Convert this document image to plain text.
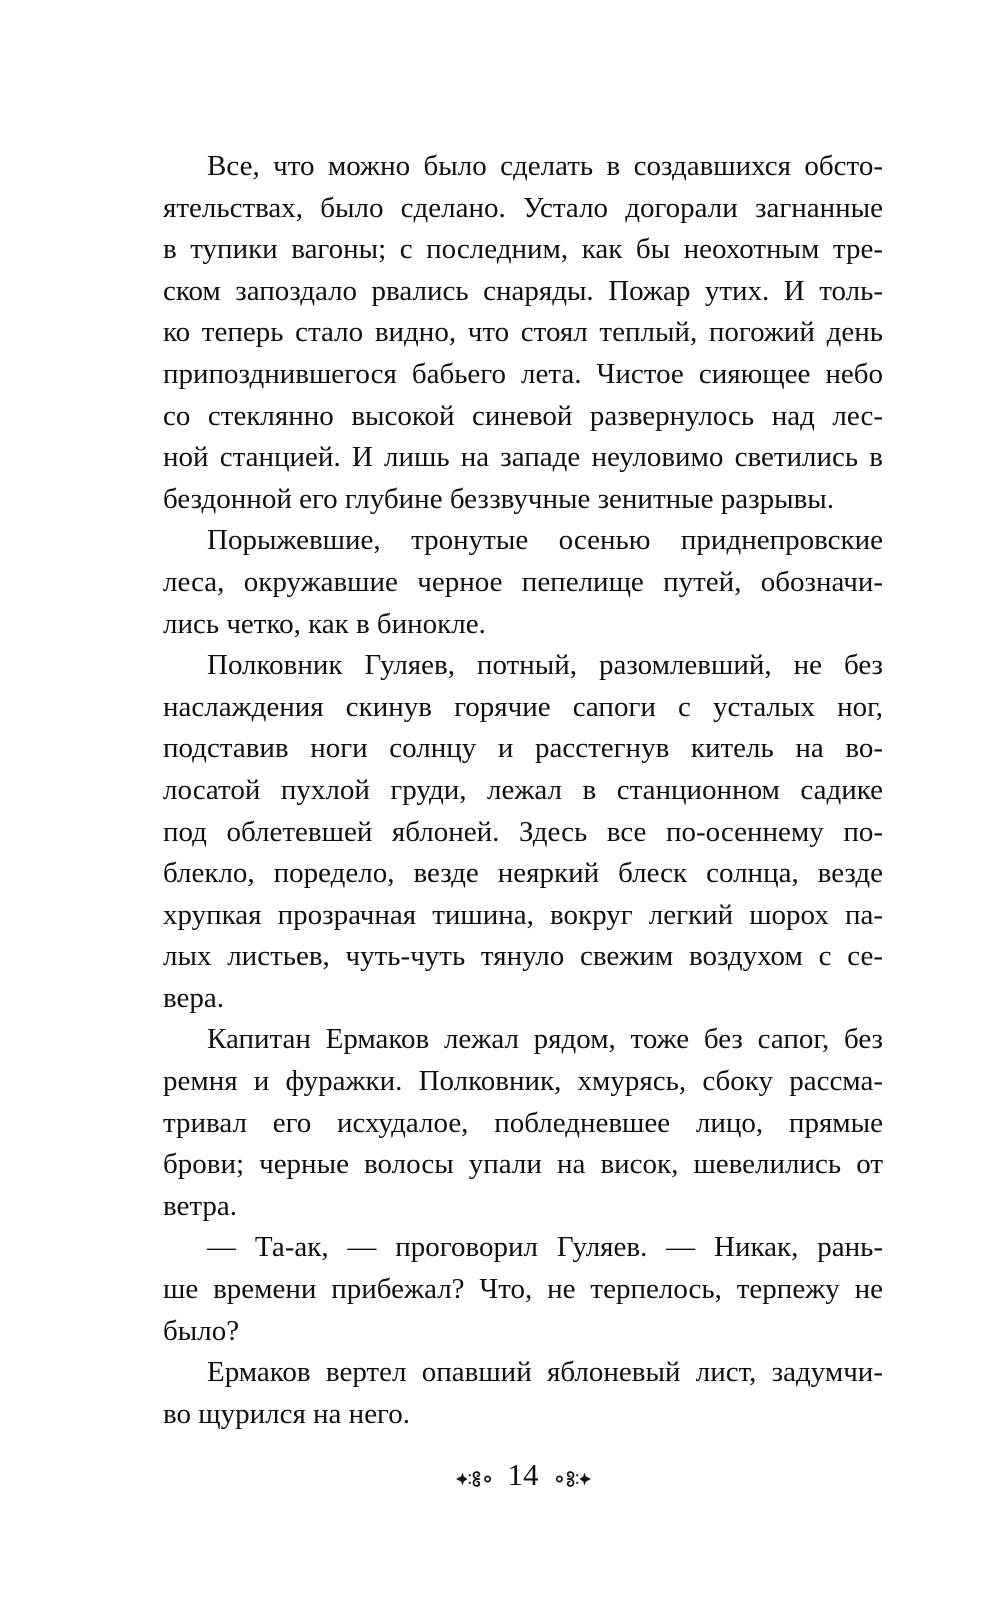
Все, что можно было сделать в создавшихся обсто-
ятельствах, было сделано. Устало догорали загнанные
в тупики вагоны; с последним, как бы неохотным тре-
ском запоздало рвались снаряды. Пожар утих. И толь-
ко теперь стало видно, что стоял теплый, погожий день
припозднившегося бабьего лета. Чистое сияющее небо
со стеклянно высокой синевой развернулось над лес-
ной станцией. И лишь на западе неуловимо светились в
бездонной его глубине беззвучные зенитные разрывы.

Порыжевшие, тронутые осенью приднепровские
леса, окружавшие черное пепелище путей, обозначи-
лись четко, как в бинокле.

Полковник Гуляев, потный, разомлевший, не без
наслаждения скинув горячие сапоги с усталых ног,
подставив ноги солнцу и расстегнув китель на во-
лосатой пухлой груди, лежал в станционном садике
под облетевшей яблоней. Здесь все по-осеннему по-
блекло, поредело, везде неяркий блеск солнца, везде
хрупкая прозрачная тишина, вокруг легкий шорох па-
лых листьев, чуть-чуть тянуло свежим воздухом с се-
вера.

Капитан Ермаков лежал рядом, тоже без сапог, без
ремня и фуражки. Полковник, хмурясь, сбоку рассма-
тривал его исхудалое, побледневшее лицо, прямые
брови; черные волосы упали на висок, шевелились от
ветра.

— Та-ак, — проговорил Гуляев. — Никак, рань-
ше времени прибежал? Что, не терпелось, терпежу не
было?

Ермаков вертел опавший яблоневый лист, задумчи-
во щурился на него.

14
